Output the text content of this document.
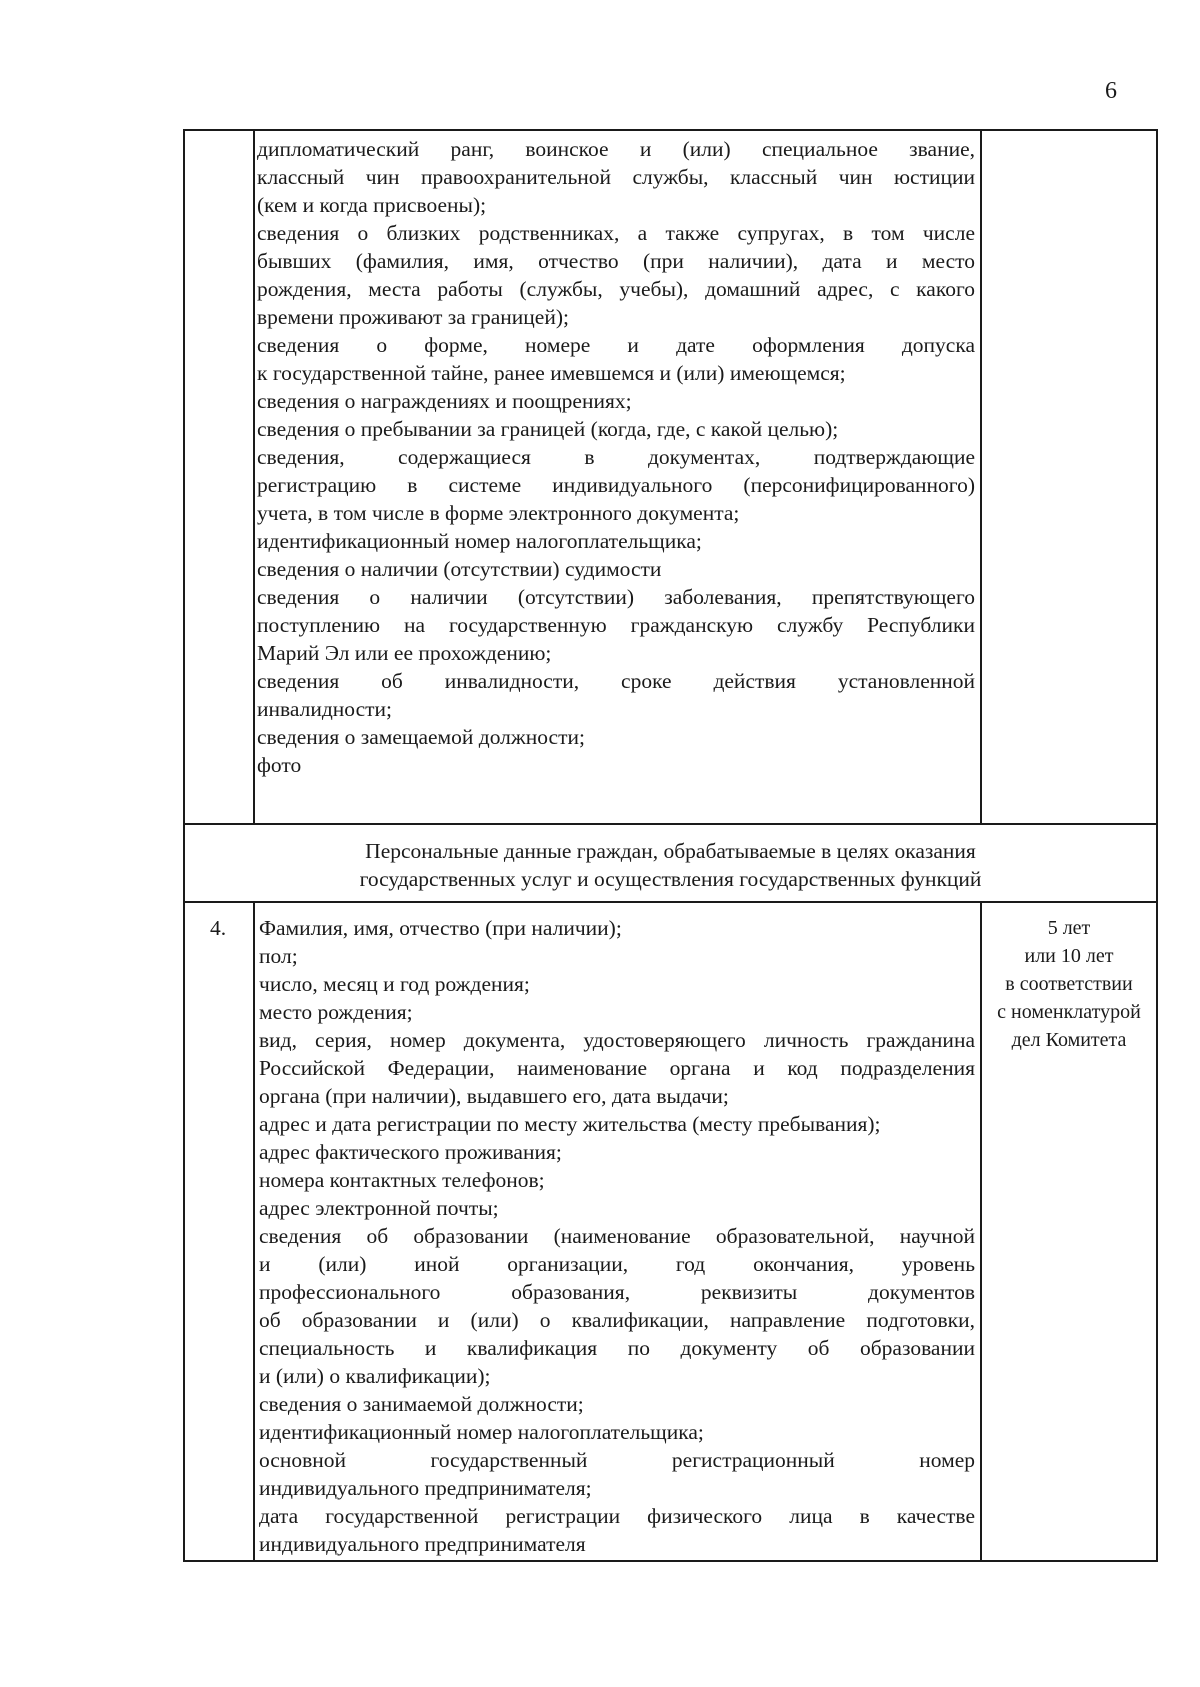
6
дипломатический ранг, воинское и (или) специальное звание,
классный чин правоохранительной службы, классный чин юстиции
(кем и когда присвоены);
сведения о близких родственниках, а также супругах, в том числе
бывших (фамилия, имя, отчество (при наличии), дата и место
рождения, места работы (службы, учебы), домашний адрес, с какого
времени проживают за границей);
сведения о форме, номере и дате оформления допуска
к государственной тайне, ранее имевшемся и (или) имеющемся;
сведения о награждениях и поощрениях;
сведения о пребывании за границей (когда, где, с какой целью);
сведения, содержащиеся в документах, подтверждающие
регистрацию в системе индивидуального (персонифицированного)
учета, в том числе в форме электронного документа;
идентификационный номер налогоплательщика;
сведения о наличии (отсутствии) судимости
сведения о наличии (отсутствии) заболевания, препятствующего
поступлению на государственную гражданскую службу Республики
Марий Эл или ее прохождению;
сведения об инвалидности, сроке действия установленной
инвалидности;
сведения о замещаемой должности;
фото
Персональные данные граждан, обрабатываемые в целях оказания
государственных услуг и осуществления государственных функций
4.	Фамилия, имя, отчество (при наличии);
пол;
число, месяц и год рождения;
место рождения;
вид, серия, номер документа, удостоверяющего личность гражданина
Российской Федерации, наименование органа и код подразделения
органа (при наличии), выдавшего его, дата выдачи;
адрес и дата регистрации по месту жительства (месту пребывания);
адрес фактического проживания;
номера контактных телефонов;
адрес электронной почты;
сведения об образовании (наименование образовательной, научной
и (или) иной организации, год окончания, уровень
профессионального образования, реквизиты документов
об образовании и (или) о квалификации, направление подготовки,
специальность и квалификация по документу об образовании
и (или) о квалификации);
сведения о занимаемой должности;
идентификационный номер налогоплательщика;
основной государственный регистрационный номер
индивидуального предпринимателя;
дата государственной регистрации физического лица в качестве
индивидуального предпринимателя
5 лет
или 10 лет
в соответствии
с номенклатурой
дел Комитета
